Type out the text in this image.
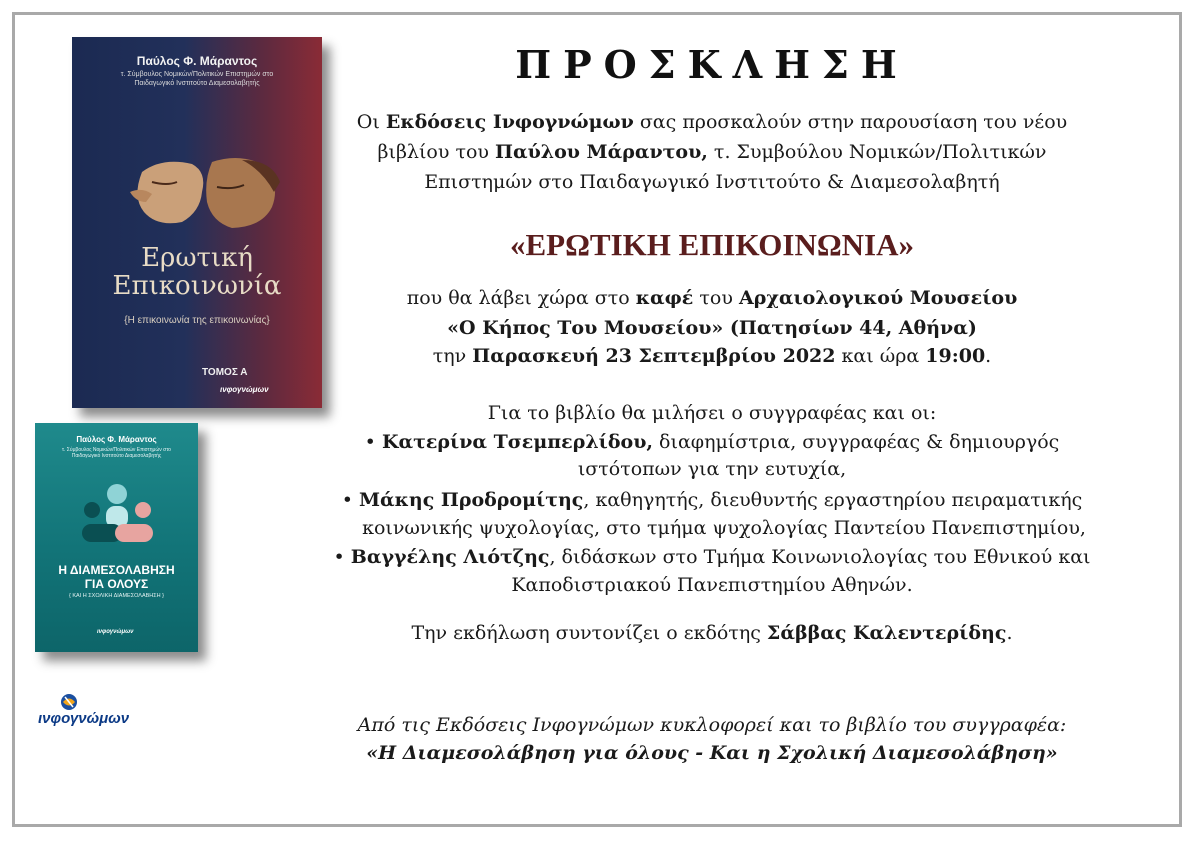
Παύλος Φ. Μάραντος
τ. Σύμβουλος Νομικών/Πολιτικών Επιστημών στο Παιδαγωγικό Ινστιτούτο Διαμεσολαβητής
Ερωτική
Επικοινωνία
{Η επικοινωνία της επικοινωνίας}
ΤΟΜΟΣ Α
ινφογνώμων
Παύλος Φ. Μάραντος
τ. Σύμβουλος Νομικών/Πολιτικών Επιστημών στο Παιδαγωγικό Ινστιτούτο Διαμεσολαβητής
Η ΔΙΑΜΕΣΟΛΑΒΗΣΗ
ΓΙΑ ΟΛΟΥΣ
{ ΚΑΙ Η ΣΧΟΛΙΚΗ ΔΙΑΜΕΣΟΛΑΒΗΣΗ }
ινφογνώμων
ινφογνώμων
2103316036
www.infognomon.com
info@infognomon.gr
ΠΡΟΣΚΛΗΣΗ
Οι Εκδόσεις Ινφογνώμων σας προσκαλούν στην παρουσίαση του νέου
βιβλίου του Παύλου Μάραντου, τ. Συμβούλου Νομικών/Πολιτικών
Επιστημών στο Παιδαγωγικό Ινστιτούτο & Διαμεσολαβητή
«ΕΡΩΤΙΚΗ ΕΠΙΚΟΙΝΩΝΙΑ»
που θα λάβει χώρα στο καφέ του Αρχαιολογικού Μουσείου
«Ο Κήπος Του Μουσείου» (Πατησίων 44, Αθήνα)
την Παρασκευή 23 Σεπτεμβρίου 2022 και ώρα 19:00.
Για το βιβλίο θα μιλήσει ο συγγραφέας και οι:
• Κατερίνα Τσεμπερλίδου, διαφημίστρια, συγγραφέας & δημιουργός
ιστότοπων για την ευτυχία,
• Μάκης Προδρομίτης, καθηγητής, διευθυντής εργαστηρίου πειραματικής
κοινωνικής ψυχολογίας, στο τμήμα ψυχολογίας Παντείου Πανεπιστημίου,
• Βαγγέλης Λιότζης, διδάσκων στο Τμήμα Κοινωνιολογίας του Εθνικού και
Καποδιστριακού Πανεπιστημίου Αθηνών.
Την εκδήλωση συντονίζει ο εκδότης Σάββας Καλεντερίδης.
Από τις Εκδόσεις Ινφογνώμων κυκλοφορεί και το βιβλίο του συγγραφέα:
«Η Διαμεσολάβηση για όλους - Και η Σχολική Διαμεσολάβηση»
